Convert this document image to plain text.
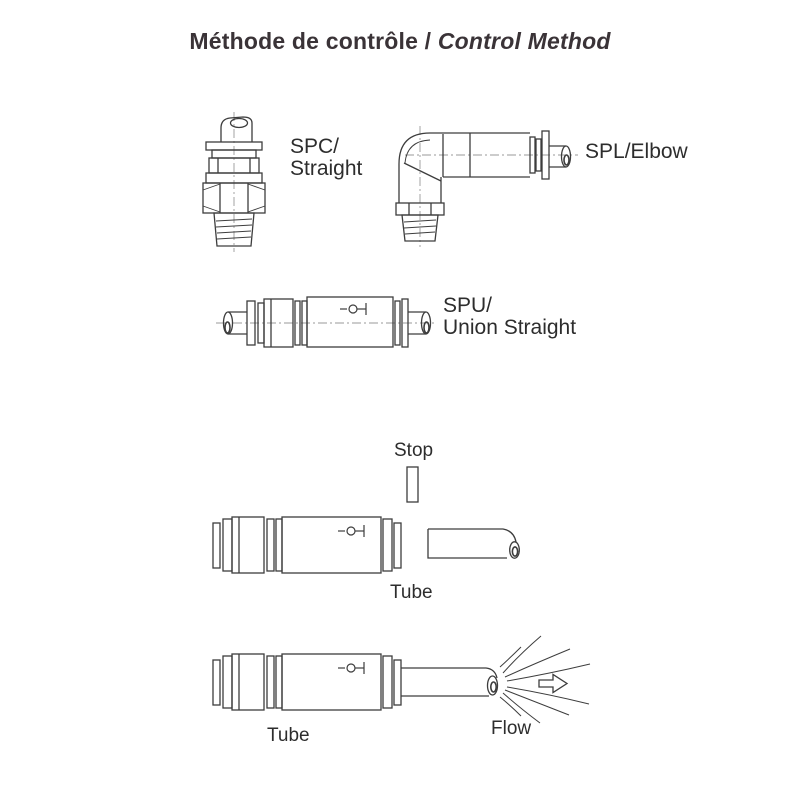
Méthode de contrôle / Control Method
SPC/
Straight
SPL/Elbow
SPU/
Union Straight
Stop
Tube
Tube	Flow
